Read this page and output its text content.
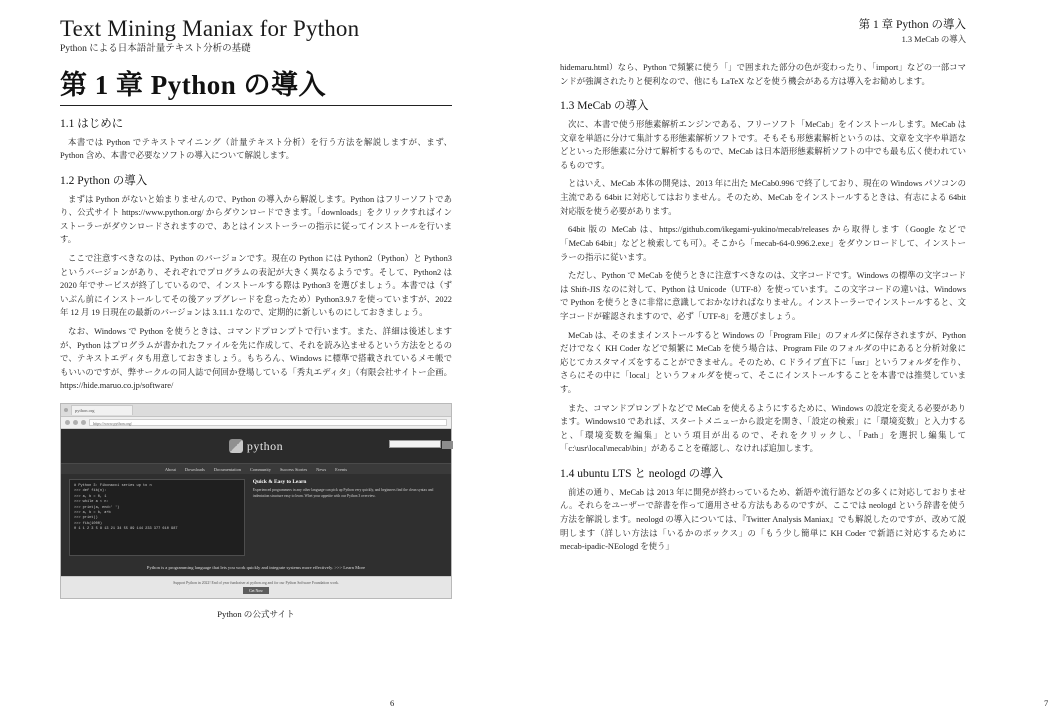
Text Mining Maniax for Python
Python による日本語計量テキスト分析の基礎
第 1 章 Python の導入
1.1 はじめに

本書では Python でテキストマイニング（計量テキスト分析）を行う方法を解説しますが、まず、Python 含め、本書で必要なソフトの導入について解説します。

1.2 Python の導入

まずは Python がないと始まりませんので、Python の導入から解説します。Python はフリーソフトであり、公式サイト https://www.python.org/ からダウンロードできます。「downloads」をクリックすればインストーラーがダウンロードされますので、あとはインストーラーの指示に従ってインストールを行います。

ここで注意すべきなのは、Python のバージョンです。現在の Python には Python2（Python）と Python3 というバージョンがあり、それぞれでプログラムの表記が大きく異なるようです。そして、Python2 は 2020 年でサービスが終了しているので、インストールする際は Python3 を選びましょう。本書では（ずいぶん前にインストールしてその後アップグレードを怠ったため）Python3.9.7 を使っていますが、2022 年 12 月 19 日現在の最新のバージョンは 3.11.1 なので、定期的に新しいものにしておきましょう。

なお、Windows で Python を使うときは、コマンドプロンプトで行います。また、詳細は後述しますが、Python はプログラムが書かれたファイルを先に作成して、それを読み込ませるという方法をとるので、テキストエディタも用意しておきましょう。もちろん、Windows に標準で搭載されているメモ帳でもいいのですが、弊サークルの同人誌で何回か登場している「秀丸エディタ」（有限会社サイトー企画。https://hide.maruo.co.jp/software/

python.org
https://www.python.org/
python
About Downloads Documentation Community Success Stories News Events
# Python 3: Fibonacci series up to n
>>> def fib(n):
>>> a, b = 0, 1
>>> while a < n:
>>> print(a, end=' ')
>>> a, b = b, a+b
>>> print()
>>> fib(1000)
0 1 1 2 3 5 8 13 21 34 55 89 144 233 377 610 987
Quick & Easy to Learn

Experienced programmers in any other language can pick up Python very quickly, and beginners find the clean syntax and indentation structure easy to learn. Whet your appetite with our Python 3 overview.

Python is a programming language that lets you work quickly and integrate systems more effectively. >>> Learn More
Support Python in 2022! End of year fundraiser at python.org and for our Python Software Foundation work.
Get Now
Python の公式サイト
6
第 1 章 Python の導入
1.3 MeCab の導入

hidemaru.html）なら、Python で頻繁に使う「」で囲まれた部分の色が変わったり、「import」などの一部コマンドが強調されたりと便利なので、他にも LaTeX などを使う機会がある方は導入をお勧めします。

1.3 MeCab の導入

次に、本書で使う形態素解析エンジンである、フリーソフト「MeCab」をインストールします。MeCab は文章を単語に分けて集計する形態素解析ソフトです。そもそも形態素解析というのは、文章を文字や単語などといった形態素に分けて解析するもので、MeCab は日本語形態素解析ソフトの中でも最も広く使われているものです。

とはいえ、MeCab 本体の開発は、2013 年に出た MeCab0.996 で終了しており、現在の Windows パソコンの主流である 64bit に対応してはおりません。そのため、MeCab をインストールするときは、有志による 64bit 対応版を使う必要があります。

64bit 版の MeCab は、https://github.com/ikegami-yukino/mecab/releases から取得します（Google などで「MeCab 64bit」などと検索しても可）。そこから「mecab-64-0.996.2.exe」をダウンロードして、インストーラーの指示に従います。

ただし、Python で MeCab を使うときに注意すべきなのは、文字コードです。Windows の標準の文字コードは Shift-JIS なのに対して、Python は Unicode（UTF-8）を使っています。この文字コードの違いは、Windows で Python を使うときに非常に意識しておかなければなりません。インストーラーでインストールすると、文字コードが確認されますので、必ず「UTF-8」を選びましょう。

MeCab は、そのままインストールすると Windows の「Program File」のフォルダに保存されますが、Python だけでなく KH Coder などで頻繁に MeCab を使う場合は、Program File のフォルダの中にあると分析対象に応じてカスタマイズをすることができません。そのため、C ドライブ直下に「usr」というフォルダを作り、さらにその中に「local」というフォルダを使って、そこにインストールすることを本書では推奨しています。

また、コマンドプロンプトなどで MeCab を使えるようにするために、Windows の設定を変える必要があります。Windows10 であれば、スタートメニューから設定を開き、「設定の検索」に「環境変数」と入力すると、「環境変数を編集」という項目が出るので、それをクリックし、「Path」を選択し編集して「c:\usr\local\mecab\bin」があることを確認し、なければ追加します。

1.4 ubuntu LTS と neologd の導入

前述の通り、MeCab は 2013 年に開発が終わっているため、新語や流行語などの多くに対応しておりません。それらをユーザーで辞書を作って適用させる方法もあるのですが、ここでは neologd という辞書を使う方法を解説します。neologd の導入については、『Twitter Analysis Maniax』でも解説したのですが、改めて説明します（詳しい方法は「いるかのボックス」の「もう少し簡単に KH Coder で新語に対応するために mecab-ipadic-NEologd を使う」

7
